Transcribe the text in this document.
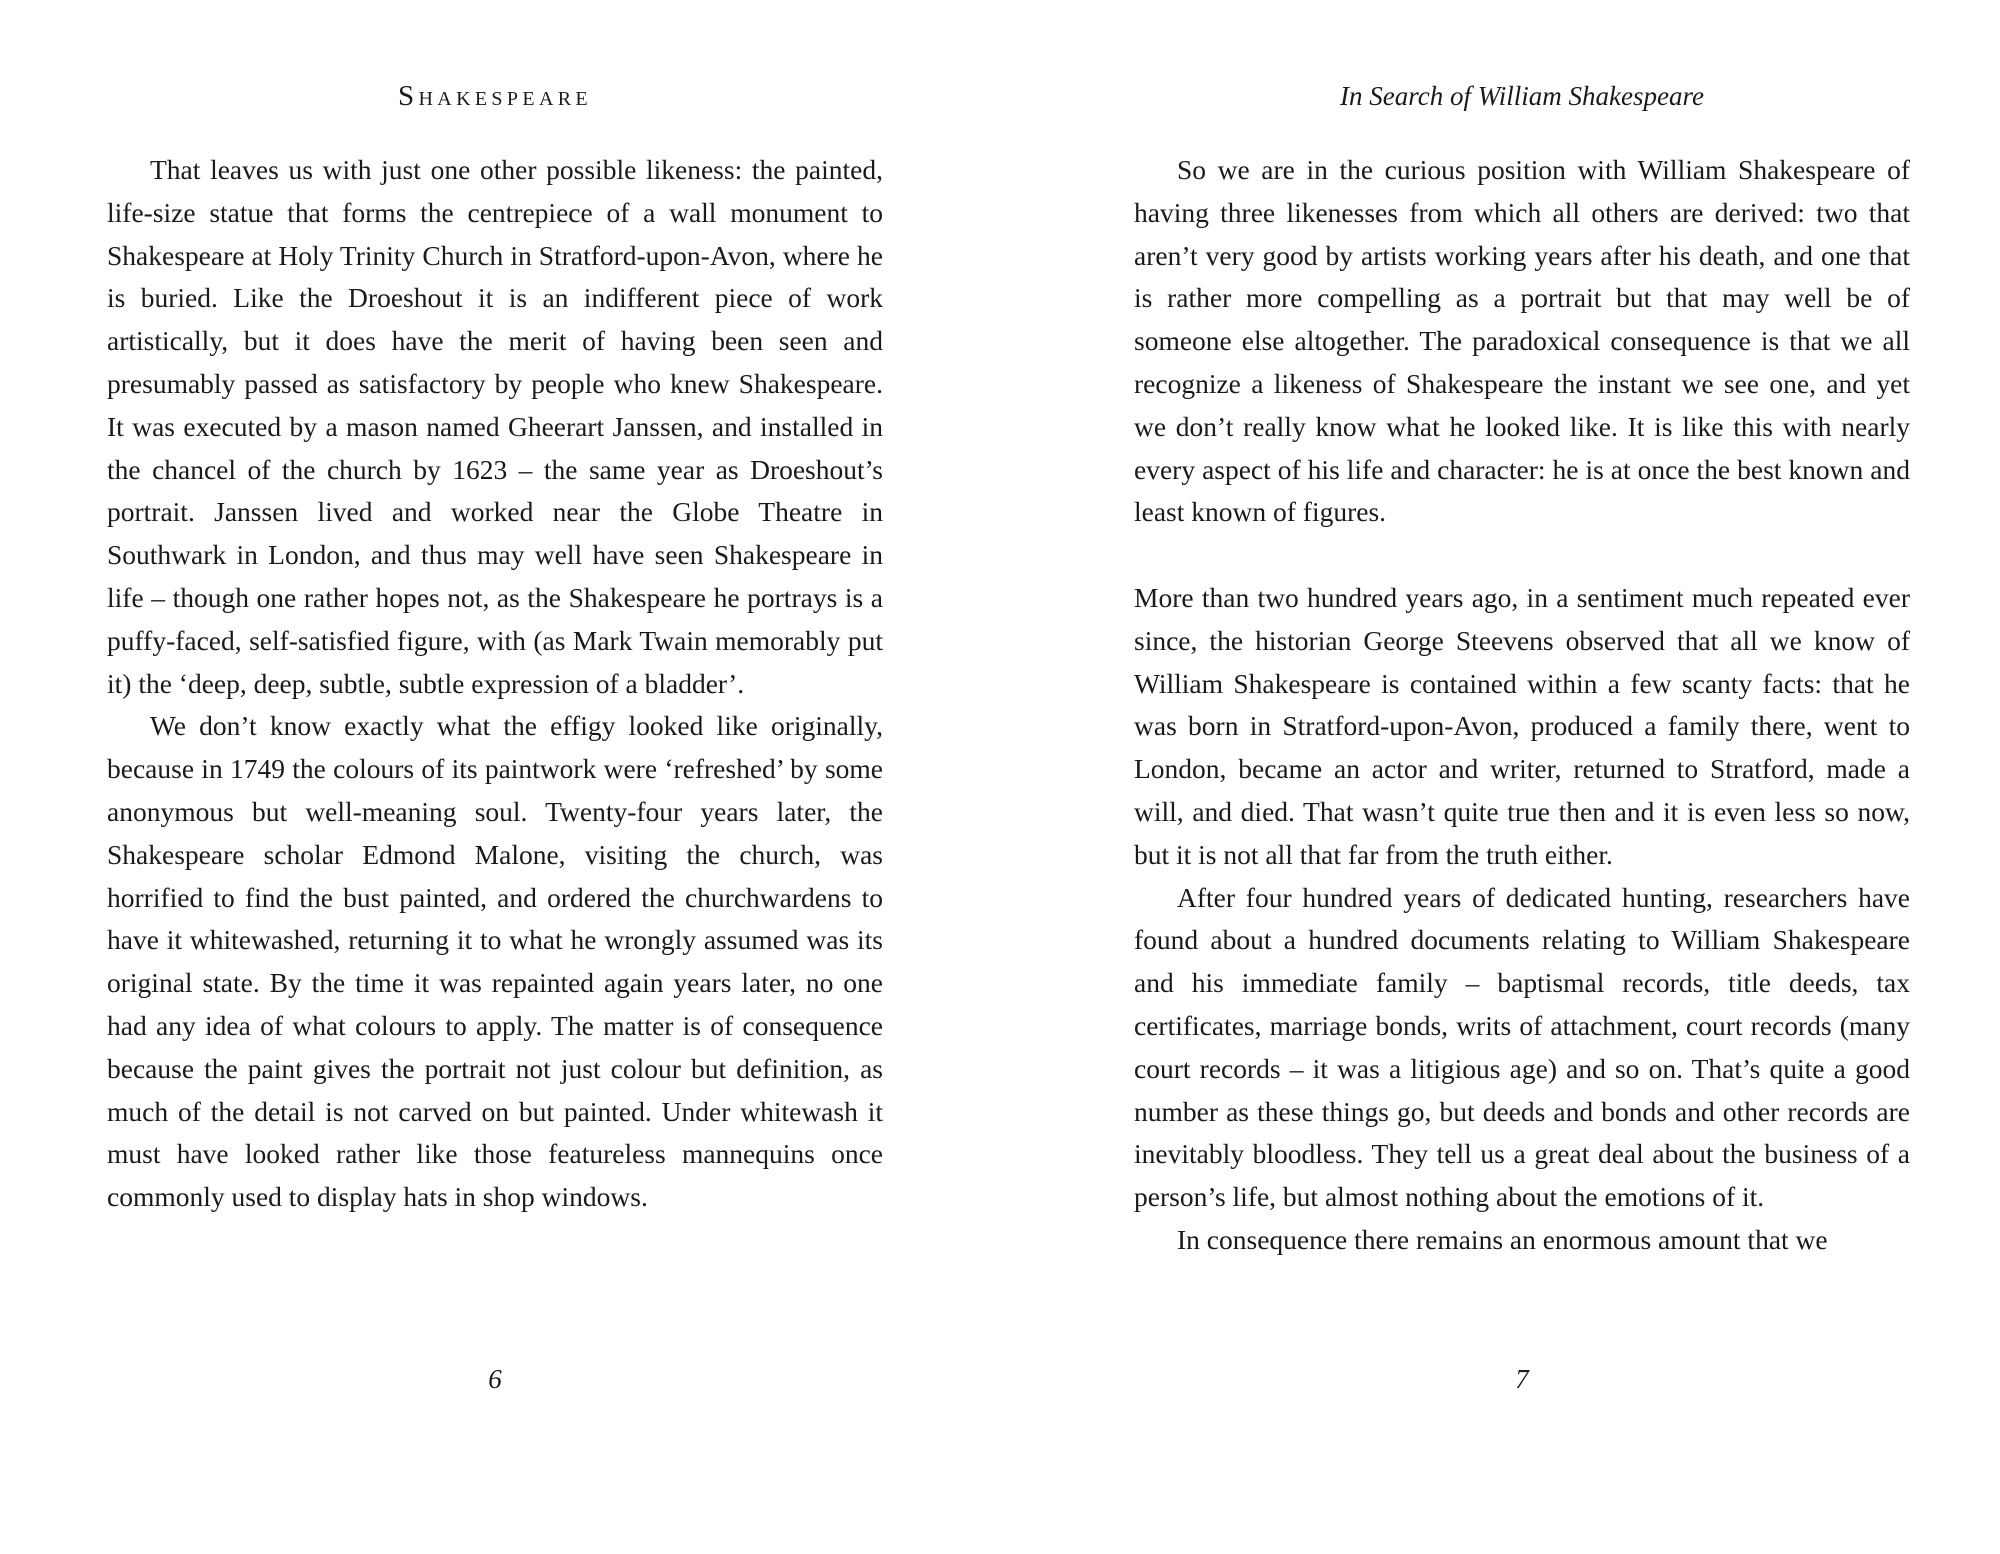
Shakespeare

That leaves us with just one other possible likeness: the painted, life-size statue that forms the centrepiece of a wall monument to Shakespeare at Holy Trinity Church in Stratford-upon-Avon, where he is buried. Like the Droeshout it is an indifferent piece of work artistically, but it does have the merit of having been seen and presumably passed as satisfactory by people who knew Shakespeare. It was executed by a mason named Gheerart Janssen, and installed in the chancel of the church by 1623 – the same year as Droeshout’s portrait. Janssen lived and worked near the Globe Theatre in Southwark in London, and thus may well have seen Shakespeare in life – though one rather hopes not, as the Shakespeare he portrays is a puffy-faced, self-satisfied figure, with (as Mark Twain memorably put it) the ‘deep, deep, subtle, subtle expression of a bladder’.

We don’t know exactly what the effigy looked like originally, because in 1749 the colours of its paintwork were ‘refreshed’ by some anonymous but well-meaning soul. Twenty-four years later, the Shakespeare scholar Edmond Malone, visiting the church, was horrified to find the bust painted, and ordered the churchwardens to have it whitewashed, returning it to what he wrongly assumed was its original state. By the time it was repainted again years later, no one had any idea of what colours to apply. The matter is of consequence because the paint gives the portrait not just colour but definition, as much of the detail is not carved on but painted. Under whitewash it must have looked rather like those featureless mannequins once commonly used to display hats in shop windows.

6
In Search of William Shakespeare

So we are in the curious position with William Shakespeare of having three likenesses from which all others are derived: two that aren’t very good by artists working years after his death, and one that is rather more compelling as a portrait but that may well be of someone else altogether. The paradoxical consequence is that we all recognize a likeness of Shakespeare the instant we see one, and yet we don’t really know what he looked like. It is like this with nearly every aspect of his life and character: he is at once the best known and least known of figures.

More than two hundred years ago, in a sentiment much repeated ever since, the historian George Steevens observed that all we know of William Shakespeare is contained within a few scanty facts: that he was born in Stratford-upon-Avon, produced a family there, went to London, became an actor and writer, returned to Stratford, made a will, and died. That wasn’t quite true then and it is even less so now, but it is not all that far from the truth either.

After four hundred years of dedicated hunting, researchers have found about a hundred documents relating to William Shakespeare and his immediate family – baptismal records, title deeds, tax certificates, marriage bonds, writs of attachment, court records (many court records – it was a litigious age) and so on. That’s quite a good number as these things go, but deeds and bonds and other records are inevitably bloodless. They tell us a great deal about the business of a person’s life, but almost nothing about the emotions of it.

In consequence there remains an enormous amount that we

7
